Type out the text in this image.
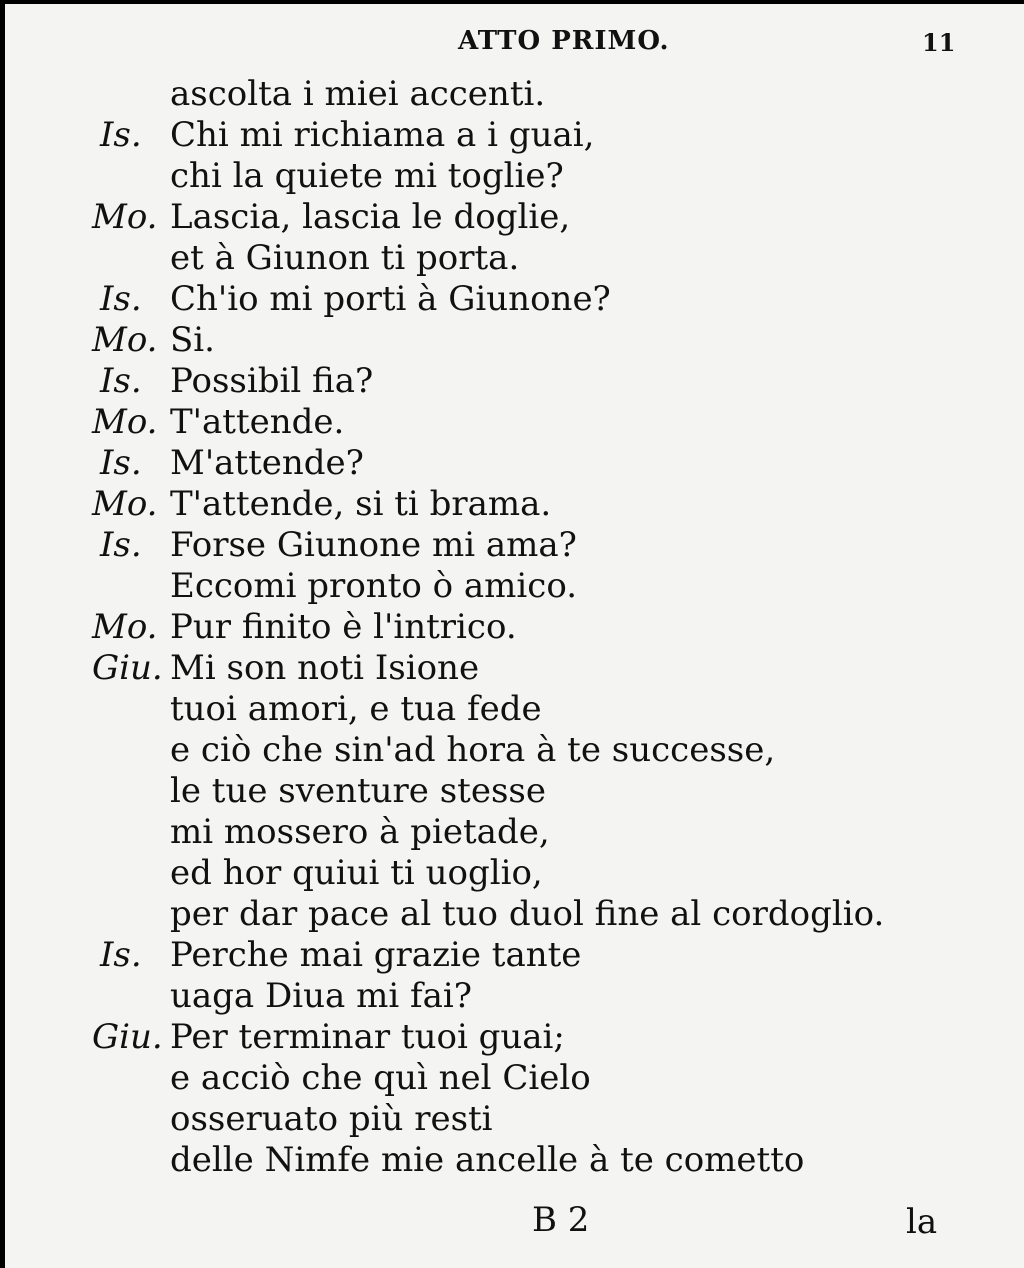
ATTO PRIMO.	11
ascolta i miei accenti.
Is. Chi mi richiama a i guai,
chi la quiete mi toglie?
Mo. Lascia, lascia le doglie,
et à Giunon ti porta.
Is. Ch'io mi porti à Giunone?
Mo. Si.
Is. Possibil fia?
Mo. T'attende.
Is. M'attende?
Mo. T'attende, si ti brama.
Is. Forse Giunone mi ama?
Eccomi pronto ò amico.
Mo. Pur finito è l'intrico.
Giu. Mi son noti Isione
tuoi amori, e tua fede
e ciò che sin'ad hora à te successe,
le tue sventure stesse
mi mossero à pietade,
ed hor quiui ti uoglio,
per dar pace al tuo duol fine al cordoglio.
Is. Perche mai grazie tante
uaga Diua mi fai?
Giu. Per terminar tuoi guai;
e acciò che quì nel Cielo
osseruato più resti
delle Nimfe mie ancelle à te cometto
B 2	la
